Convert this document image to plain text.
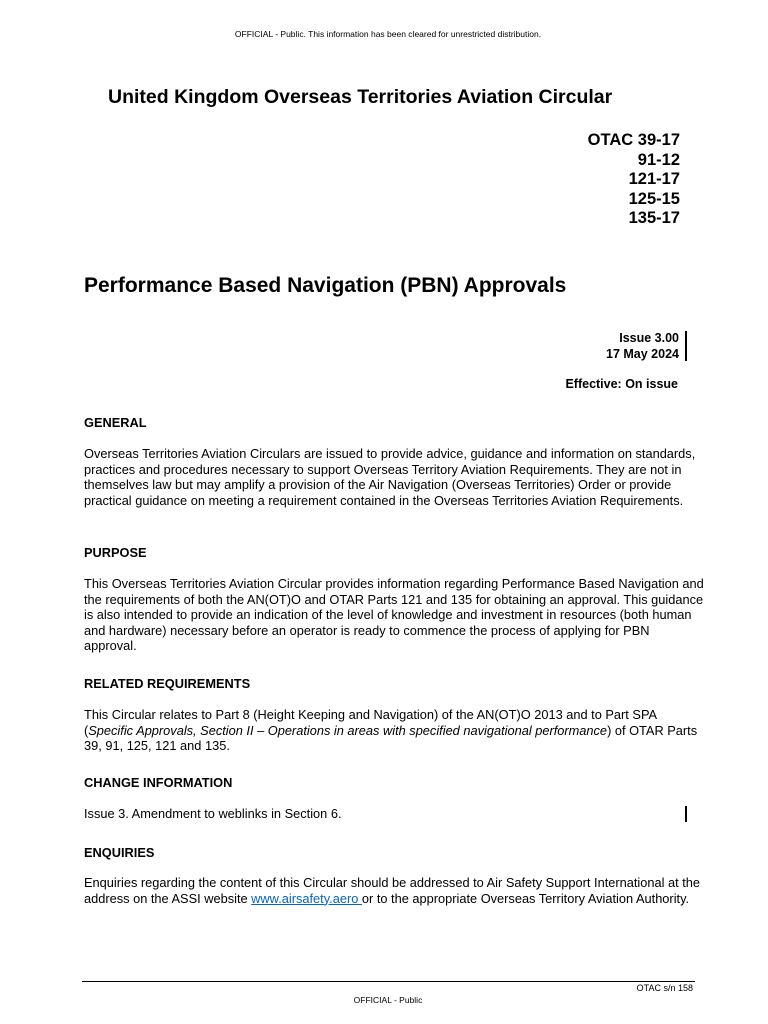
OFFICIAL - Public. This information has been cleared for unrestricted distribution.
United Kingdom Overseas Territories Aviation Circular
OTAC 39-17
91-12
121-17
125-15
135-17
Performance Based Navigation (PBN) Approvals
Issue 3.00
17 May 2024
Effective: On issue
GENERAL
Overseas Territories Aviation Circulars are issued to provide advice, guidance and information on standards, practices and procedures necessary to support Overseas Territory Aviation Requirements. They are not in themselves law but may amplify a provision of the Air Navigation (Overseas Territories) Order or provide practical guidance on meeting a requirement contained in the Overseas Territories Aviation Requirements.
PURPOSE
This Overseas Territories Aviation Circular provides information regarding Performance Based Navigation and the requirements of both the AN(OT)O and OTAR Parts 121 and 135 for obtaining an approval. This guidance is also intended to provide an indication of the level of knowledge and investment in resources (both human and hardware) necessary before an operator is ready to commence the process of applying for PBN approval.
RELATED REQUIREMENTS
This Circular relates to Part 8 (Height Keeping and Navigation) of the AN(OT)O 2013 and to Part SPA (Specific Approvals, Section II – Operations in areas with specified navigational performance) of OTAR Parts 39, 91, 125, 121 and 135.
CHANGE INFORMATION
Issue 3. Amendment to weblinks in Section 6.
ENQUIRIES
Enquiries regarding the content of this Circular should be addressed to Air Safety Support International at the address on the ASSI website www.airsafety.aero or to the appropriate Overseas Territory Aviation Authority.
OTAC s/n 158
OFFICIAL - Public
